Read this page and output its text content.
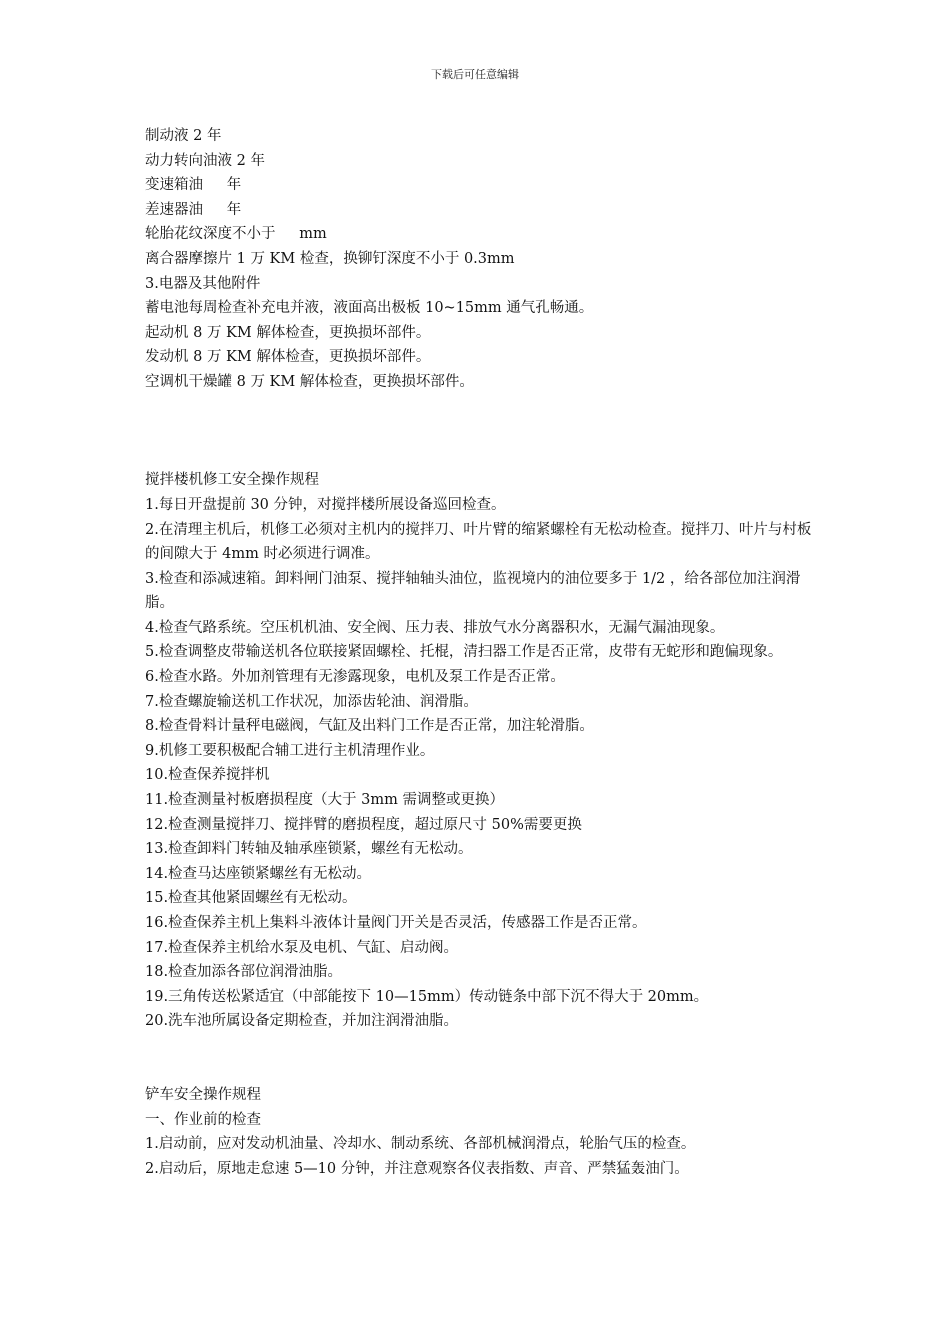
下载后可任意编辑
制动液 2 年
动力转向油液 2 年
变速箱油 　 年
差速器油 　 年
轮胎花纹深度不小于 　 mm
离合器摩擦片 1 万 KM 检查，换铆钉深度不小于 0.3mm
3.电器及其他附件
蓄电池每周检查补充电并液，液面高出极板 10~15mm 通气孔畅通。
起动机 8 万 KM 解体检查，更换损坏部件。
发动机 8 万 KM 解体检查，更换损坏部件。
空调机干燥罐 8 万 KM 解体检查，更换损坏部件。
搅拌楼机修工安全操作规程
1.每日开盘提前 30 分钟，对搅拌楼所展设备巡回检查。
2.在清理主机后，机修工必须对主机内的搅拌刀、叶片臂的缩紧螺栓有无松动检查。搅拌刀、叶片与村板的间隙大于 4mm 时必须进行调准。
3.检查和添减速箱。卸料闸门油泵、搅拌轴轴头油位，监视境内的油位要多于 1/2 ，给各部位加注润滑脂。
4.检查气路系统。空压机机油、安全阀、压力表、排放气水分离器积水，无漏气漏油现象。
5.检查调整皮带输送机各位联接紧固螺栓、托棍，清扫器工作是否正常，皮带有无蛇形和跑偏现象。
6.检查水路。外加剂管理有无渗露现象，电机及泵工作是否正常。
7.检查螺旋输送机工作状况，加添齿轮油、润滑脂。
8.检查骨料计量秤电磁阀，气缸及出料门工作是否正常，加注轮滑脂。
9.机修工要积极配合辅工进行主机清理作业。
10.检查保养搅拌机
11.检查测量衬板磨损程度（大于 3mm 需调整或更换）
12.检查测量搅拌刀、搅拌臂的磨损程度，超过原尺寸 50%需要更换
13.检查卸料门转轴及轴承座锁紧，螺丝有无松动。
14.检查马达座锁紧螺丝有无松动。
15.检查其他紧固螺丝有无松动。
16.检查保养主机上集料斗液体计量阀门开关是否灵活，传感器工作是否正常。
17.检查保养主机给水泵及电机、气缸、启动阀。
18.检查加添各部位润滑油脂。
19.三角传送松紧适宜（中部能按下 10—15mm）传动链条中部下沉不得大于 20mm。
20.洗车池所属设备定期检查，并加注润滑油脂。
铲车安全操作规程
一、作业前的检查
1.启动前，应对发动机油量、冷却水、制动系统、各部机械润滑点，轮胎气压的检查。
2.启动后，原地走怠速 5—10 分钟，并注意观察各仪表指数、声音、严禁猛轰油门。
